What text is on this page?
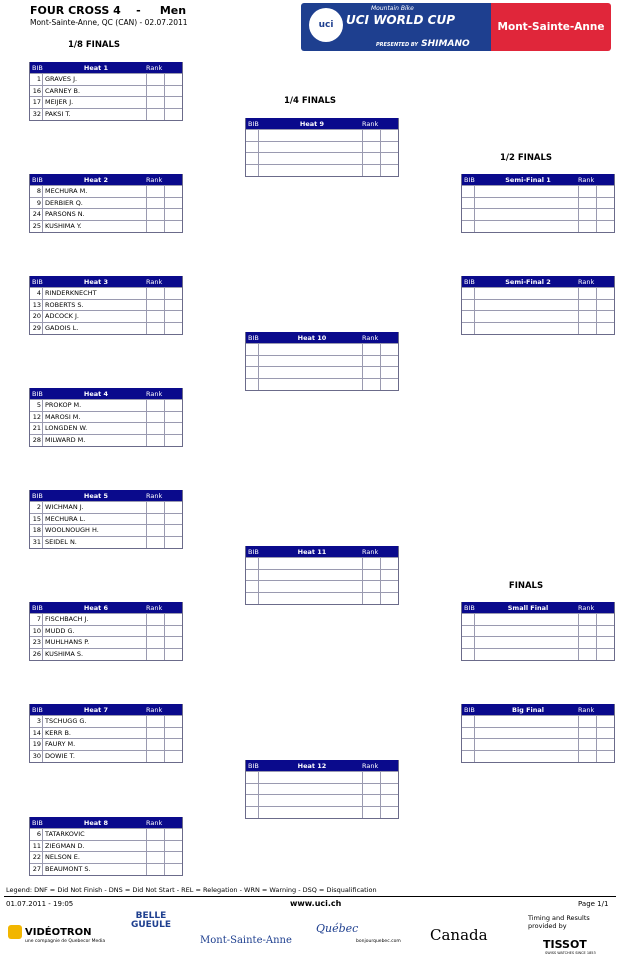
FOUR CROSS 4    -     Men
Mont-Sainte-Anne, QC (CAN) - 02.07.2011	uci
Mountain Bike
UCI WORLD CUP
PRESENTED BY SHIMANO
Mont-Sainte-Anne
1/8 FINALS
1/4 FINALS
1/2 FINALS
FINALS
BIB	Heat 1	Rank
1 GRAVES J.
16 CARNEY B.
17 MEIJER J.
32 PAKSI T.
BIB	Heat 2	Rank
8 MECHURA M.
9 DERBIER Q.
24 PARSONS N.
25 KUSHIMA Y.
BIB	Heat 3	Rank
4 RINDERKNECHT
13 ROBERTS S.
20 ADCOCK J.
29 GADOIS L.
BIB	Heat 4	Rank
5 PROKOP M.
12 MAROSI M.
21 LONGDEN W.
28 MILWARD M.
BIB	Heat 5	Rank
2 WICHMAN J.
15 MECHURA L.
18 WOOLNOUGH H.
31 SEIDEL N.
BIB	Heat 6	Rank
7 FISCHBACH J.
10 MUDD G.
23 MUHLHANS P.
26 KUSHIMA S.
BIB	Heat 7	Rank
3 TSCHUGG G.
14 KERR B.
19 FAURY M.
30 DOWIE T.
BIB	Heat 8	Rank
6 TATARKOVIC
11 ZIEGMAN D.
22 NELSON E.
27 BEAUMONT S.
BIB	Heat 9	Rank
BIB	Heat 10	Rank
BIB	Heat 11	Rank
BIB	Heat 12	Rank
BIB	Semi-Final 1	Rank
BIB	Semi-Final 2	Rank
BIB	Small Final	Rank
BIB	Big Final	Rank
Legend: DNF = Did Not Finish - DNS = Did Not Start - REL = Relegation - WRN = Warning - DSQ = Disqualification
01.07.2011 - 19:05	www.uci.ch	Page 1/1
Timing and Results provided by
VIDÉOTRON
une compagnie de Quebecor Media
BELLE GUEULE
Mont-Sainte-Anne
Québec
bonjourquebec.com Canada
TISSOT
SWISS WATCHES SINCE 1853
